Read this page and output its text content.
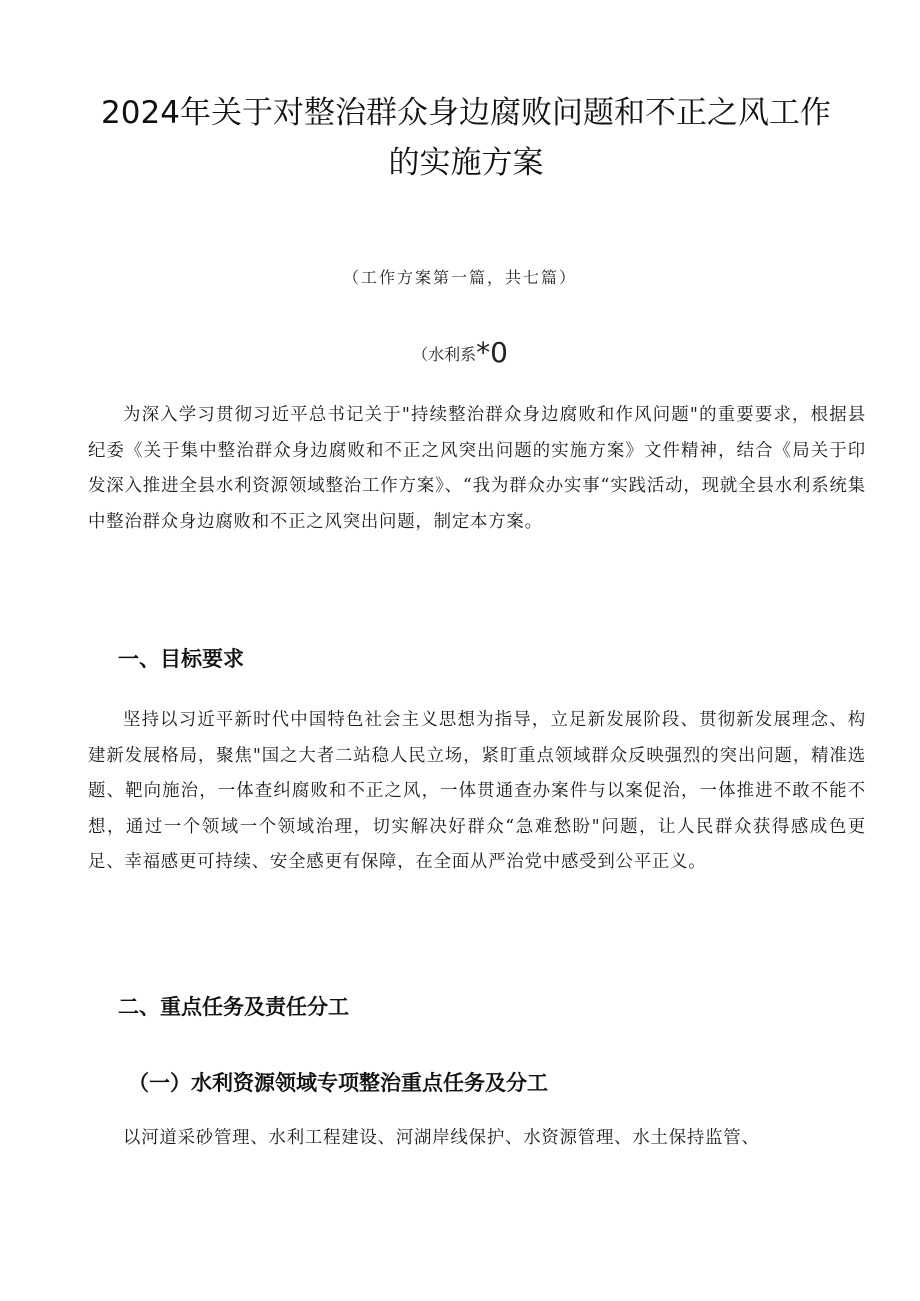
2024年关于对整治群众身边腐败问题和不正之风工作的实施方案
（工作方案第一篇，共七篇）
（水利系*0

为深入学习贯彻习近平总书记关于"持续整治群众身边腐败和作风问题"的重要要求，根据县纪委《关于集中整治群众身边腐败和不正之风突出问题的实施方案》文件精神，结合《局关于印发深入推进全县水利资源领域整治工作方案》、“我为群众办实事“实践活动，现就全县水利系统集中整治群众身边腐败和不正之风突出问题，制定本方案。

一、目标要求

坚持以习近平新时代中国特色社会主义思想为指导，立足新发展阶段、贯彻新发展理念、构建新发展格局，聚焦"国之大者二站稳人民立场，紧盯重点领域群众反映强烈的突出问题，精准选题、靶向施治，一体查纠腐败和不正之风，一体贯通查办案件与以案促治，一体推进不敢不能不想，通过一个领域一个领域治理，切实解决好群众“急难愁盼"问题，让人民群众获得感成色更足、幸福感更可持续、安全感更有保障，在全面从严治党中感受到公平正义。

二、重点任务及责任分工
（一）水利资源领域专项整治重点任务及分工

以河道采砂管理、水利工程建设、河湖岸线保护、水资源管理、水土保持监管、
